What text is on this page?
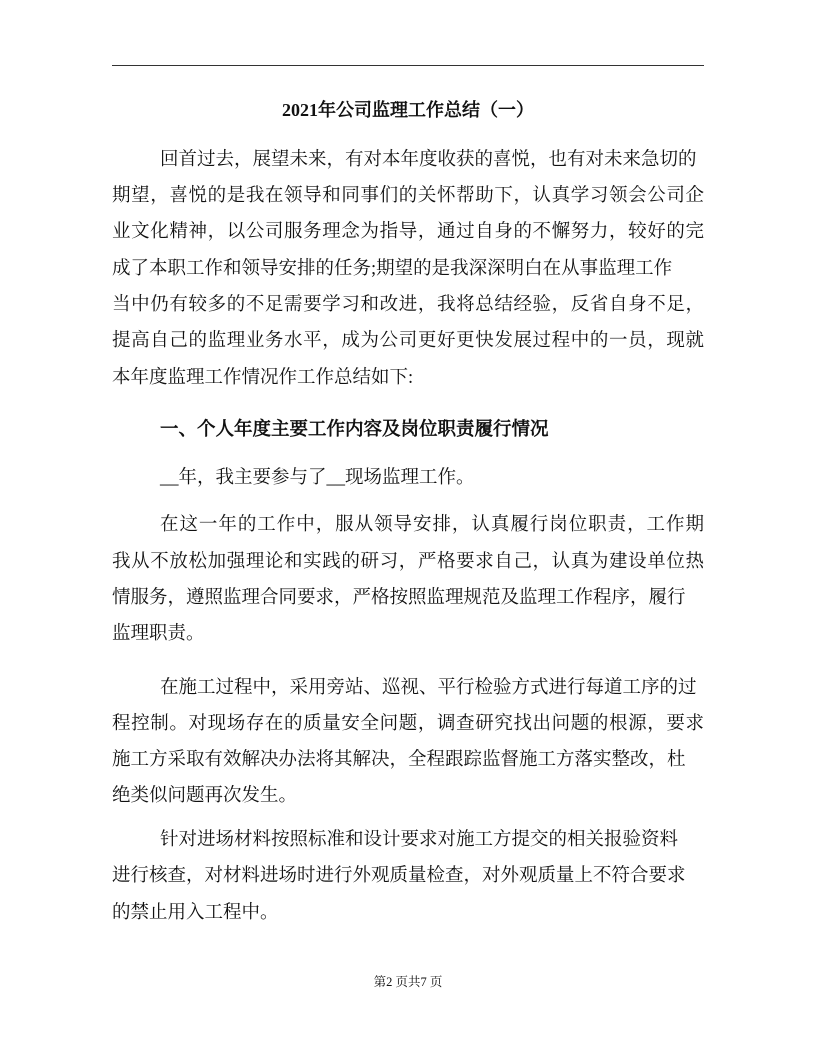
2021年公司监理工作总结（一）
回首过去，展望未来，有对本年度收获的喜悦，也有对未来急切的
期望，喜悦的是我在领导和同事们的关怀帮助下，认真学习领会公司企
业文化精神，以公司服务理念为指导，通过自身的不懈努力，较好的完
成了本职工作和领导安排的任务;期望的是我深深明白在从事监理工作
当中仍有较多的不足需要学习和改进，我将总结经验，反省自身不足，
提高自己的监理业务水平，成为公司更好更快发展过程中的一员，现就
本年度监理工作情况作工作总结如下:
一、个人年度主要工作内容及岗位职责履行情况
__年，我主要参与了__现场监理工作。
在这一年的工作中，服从领导安排，认真履行岗位职责，工作期
我从不放松加强理论和实践的研习，严格要求自己，认真为建设单位热
情服务，遵照监理合同要求，严格按照监理规范及监理工作程序，履行
监理职责。
在施工过程中，采用旁站、巡视、平行检验方式进行每道工序的过
程控制。对现场存在的质量安全问题，调查研究找出问题的根源，要求
施工方采取有效解决办法将其解决，全程跟踪监督施工方落实整改，杜
绝类似问题再次发生。
针对进场材料按照标准和设计要求对施工方提交的相关报验资料
进行核查，对材料进场时进行外观质量检查，对外观质量上不符合要求
的禁止用入工程中。
第2 页共7 页
